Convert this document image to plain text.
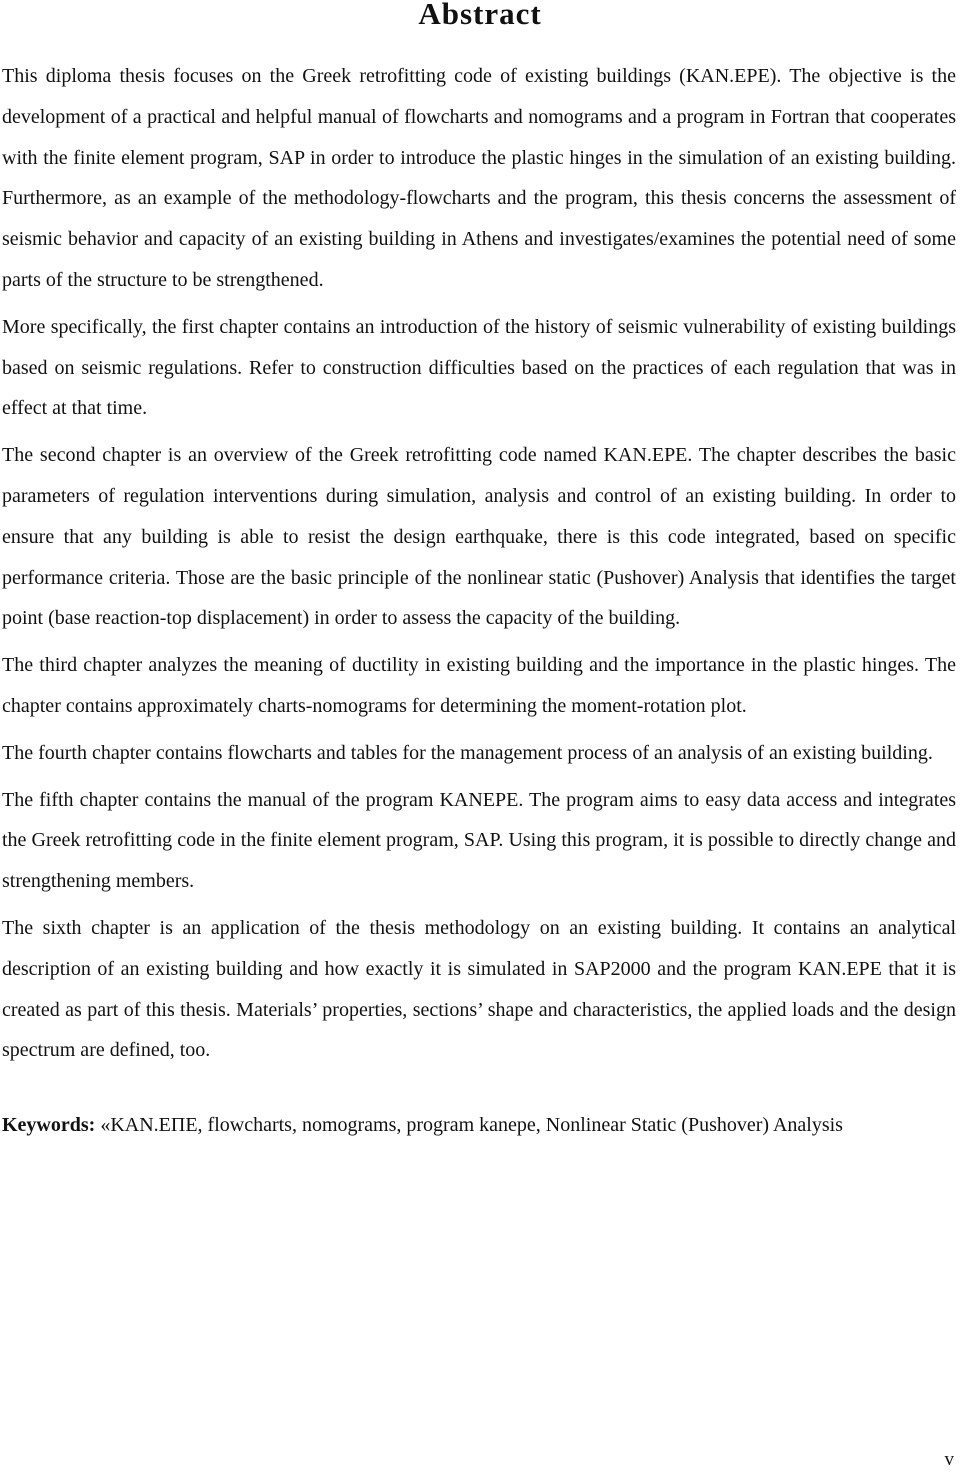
Abstract

This diploma thesis focuses on the Greek retrofitting code of existing buildings (KAN.EPE). The objective is the development of a practical and helpful manual of flowcharts and nomograms and a program in Fortran that cooperates with the finite element program, SAP in order to introduce the plastic hinges in the simulation of an existing building. Furthermore, as an example of the methodology-flowcharts and the program, this thesis concerns the assessment of seismic behavior and capacity of an existing building in Athens and investigates/examines the potential need of some parts of the structure to be strengthened.

More specifically, the first chapter contains an introduction of the history of seismic vulnerability of existing buildings based on seismic regulations. Refer to construction difficulties based on the practices of each regulation that was in effect at that time.

The second chapter is an overview of the Greek retrofitting code named KAN.EPE. The chapter describes the basic parameters of regulation interventions during simulation, analysis and control of an existing building. In order to ensure that any building is able to resist the design earthquake, there is this code integrated, based on specific performance criteria. Those are the basic principle of the nonlinear static (Pushover) Analysis that identifies the target point (base reaction-top displacement) in order to assess the capacity of the building.

The third chapter analyzes the meaning of ductility in existing building and the importance in the plastic hinges. The chapter contains approximately charts-nomograms for determining the moment-rotation plot.

The fourth chapter contains flowcharts and tables for the management process of an analysis of an existing building.

The fifth chapter contains the manual of the program KANEPE. The program aims to easy data access and integrates the Greek retrofitting code in the finite element program, SAP. Using this program, it is possible to directly change and strengthening members.

The sixth chapter is an application of the thesis methodology on an existing building. It contains an analytical description of an existing building and how exactly it is simulated in SAP2000 and the program KAN.EPE that it is created as part of this thesis. Materials’ properties, sections’ shape and characteristics, the applied loads and the design spectrum are defined, too.

Keywords: «KAN.ΕΠΕ, flowcharts, nomograms, program kanepe, Nonlinear Static (Pushover) Analysis

v
